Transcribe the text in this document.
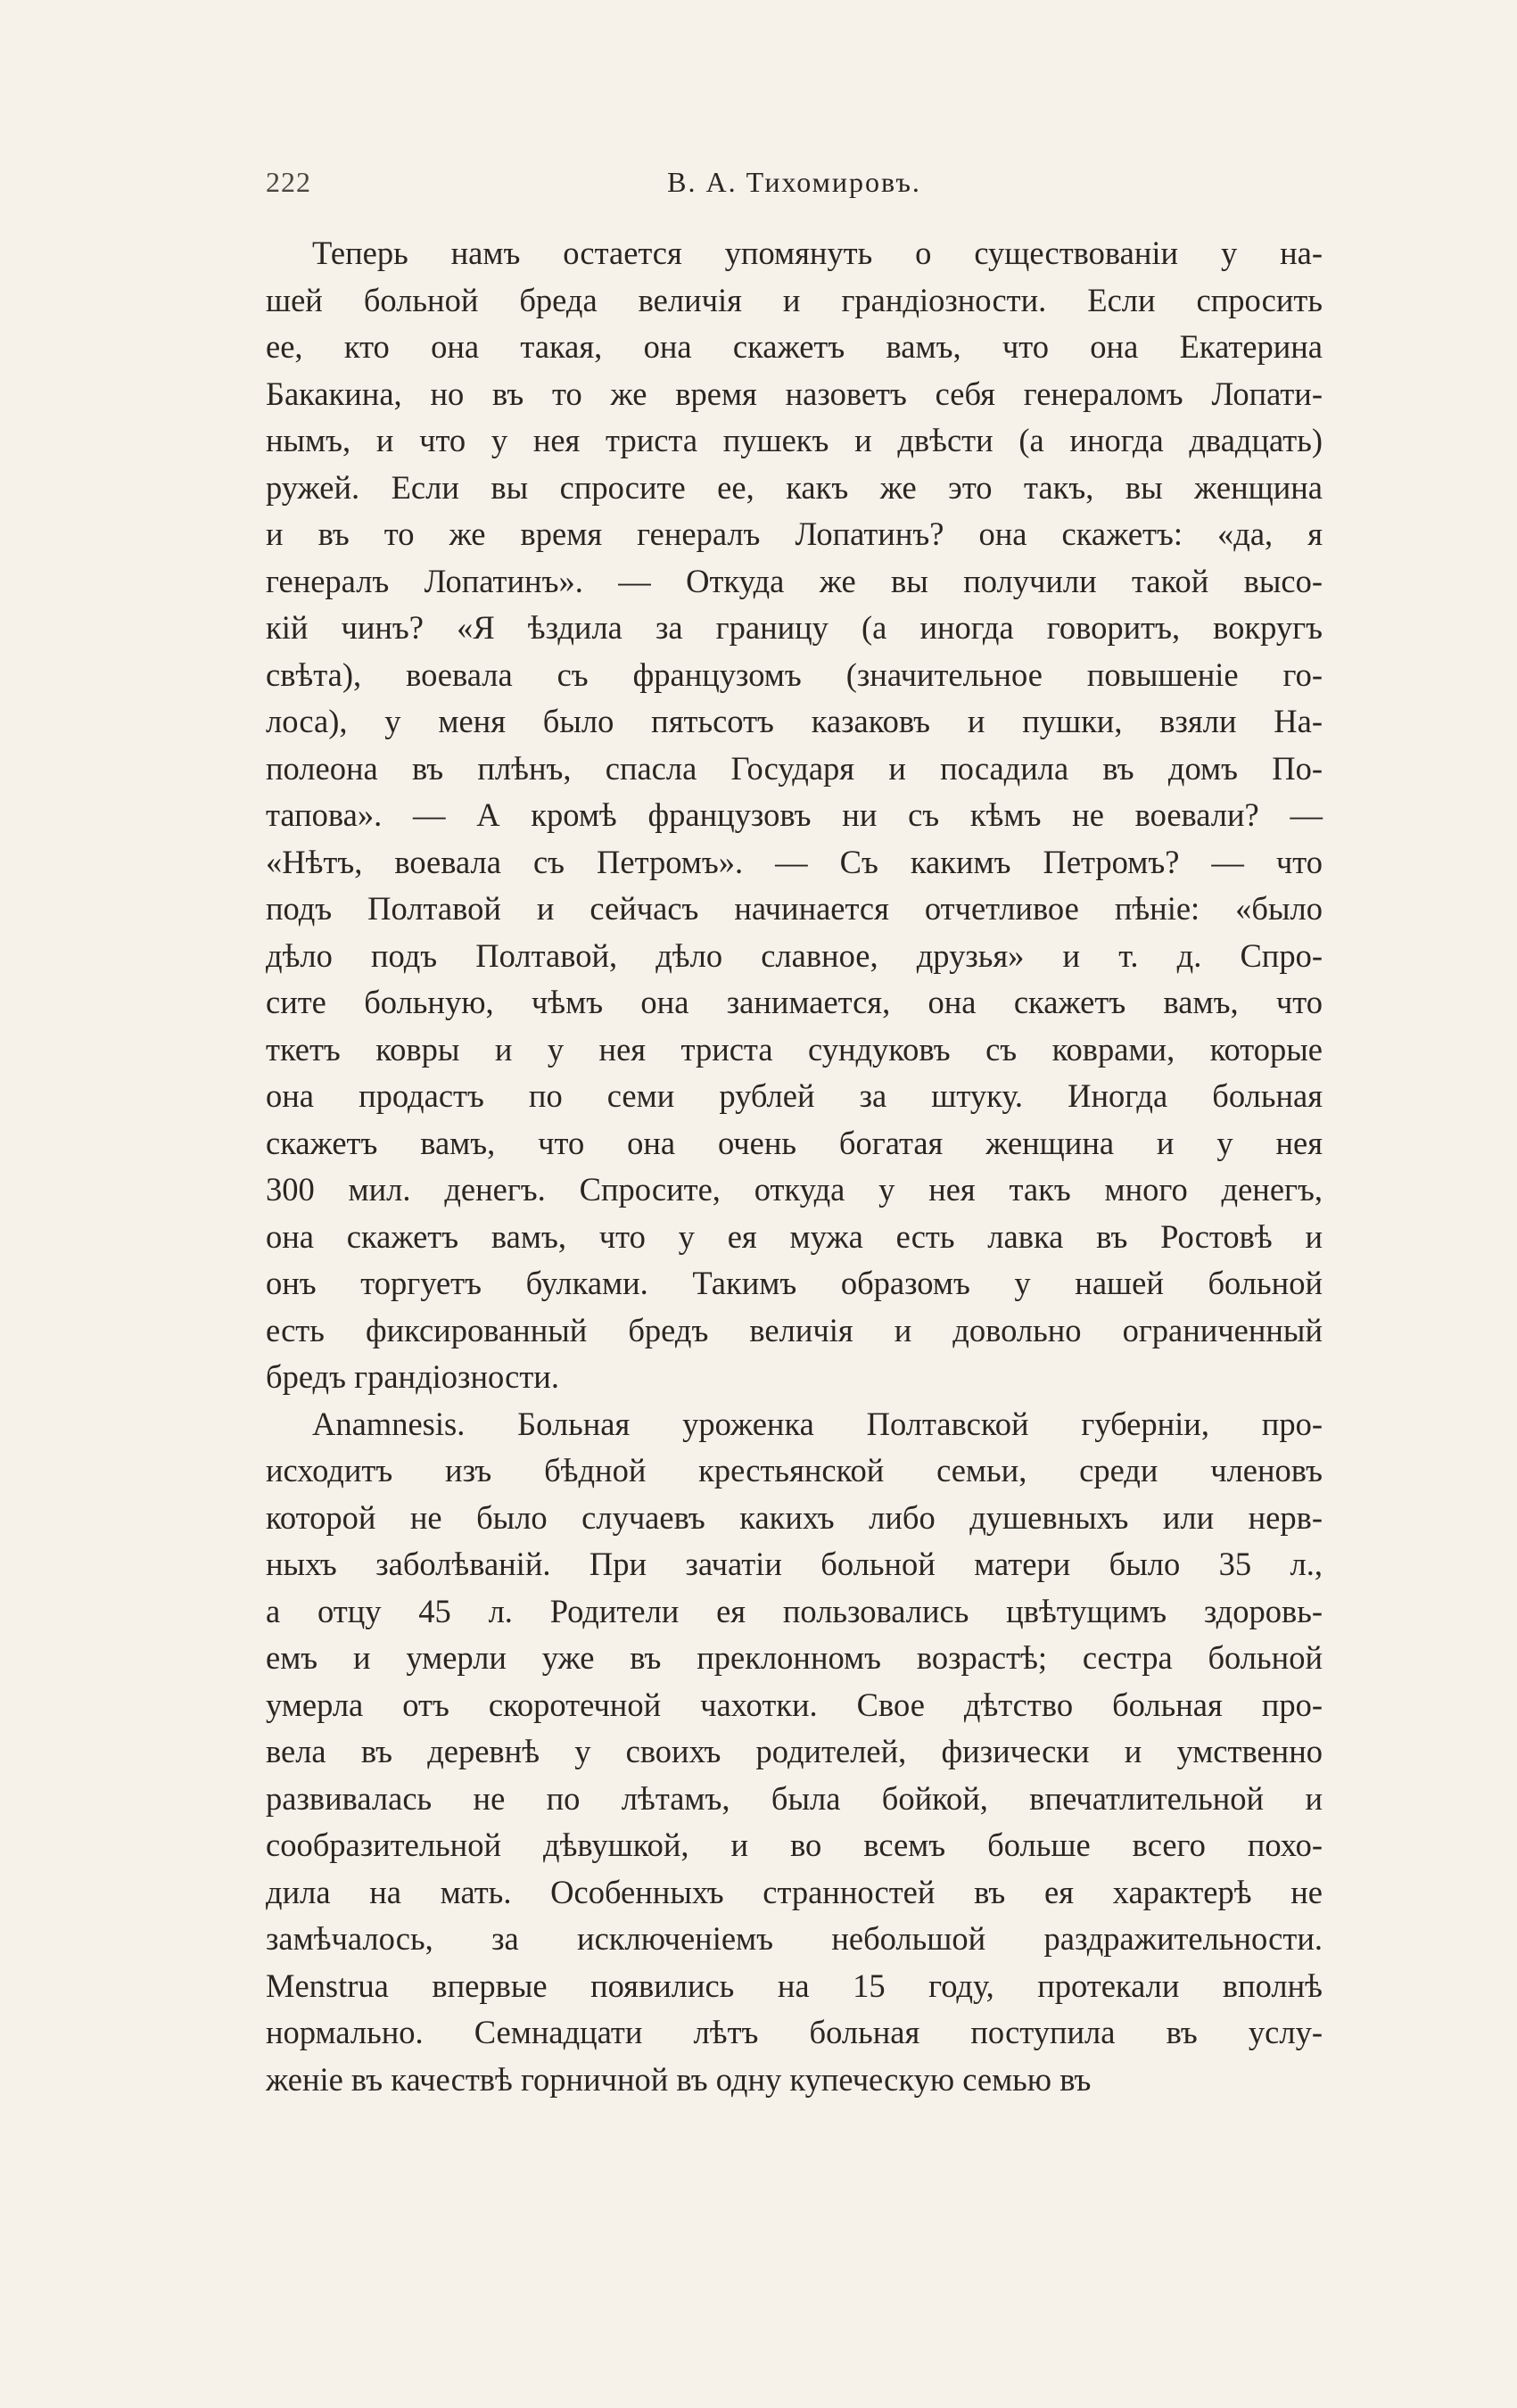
222	В. А. Тихомировъ.
Теперь намъ остается упомянуть о существованіи у на-
шей больной бреда величія и грандіозности. Если спросить
ее, кто она такая, она скажетъ вамъ, что она Екатерина
Бакакина, но въ то же время назоветъ себя генераломъ Лопати-
нымъ, и что у нея триста пушекъ и двѣсти (а иногда двадцать)
ружей. Если вы спросите ее, какъ же это такъ, вы женщина
и въ то же время генералъ Лопатинъ? она скажетъ: «да, я
генералъ Лопатинъ». — Откуда же вы получили такой высо-
кій чинъ? «Я ѣздила за границу (а иногда говоритъ, вокругъ
свѣта), воевала съ французомъ (значительное повышеніе го-
лоса), у меня было пятьсотъ казаковъ и пушки, взяли На-
полеона въ плѣнъ, спасла Государя и посадила въ домъ По-
тапова». — А кромѣ французовъ ни съ кѣмъ не воевали? —
«Нѣтъ, воевала съ Петромъ». — Съ какимъ Петромъ? — что
подъ Полтавой и сейчасъ начинается отчетливое пѣніе: «было
дѣло подъ Полтавой, дѣло славное, друзья» и т. д. Спро-
сите больную, чѣмъ она занимается, она скажетъ вамъ, что
ткетъ ковры и у нея триста сундуковъ съ коврами, которые
она продастъ по семи рублей за штуку. Иногда больная
скажетъ вамъ, что она очень богатая женщина и у нея
300 мил. денегъ. Спросите, откуда у нея такъ много денегъ,
она скажетъ вамъ, что у ея мужа есть лавка въ Ростовѣ и
онъ торгуетъ булками. Такимъ образомъ у нашей больной
есть фиксированный бредъ величія и довольно ограниченный
бредъ грандіозности.
Anamnesis. Больная уроженка Полтавской губерніи, про-
исходитъ изъ бѣдной крестьянской семьи, среди членовъ
которой не было случаевъ какихъ либо душевныхъ или нерв-
ныхъ заболѣваній. При зачатіи больной матери было 35 л.,
а отцу 45 л. Родители ея пользовались цвѣтущимъ здоровь-
емъ и умерли уже въ преклонномъ возрастѣ; сестра больной
умерла отъ скоротечной чахотки. Свое дѣтство больная про-
вела въ деревнѣ у своихъ родителей, физически и умственно
развивалась не по лѣтамъ, была бойкой, впечатлительной и
сообразительной дѣвушкой, и во всемъ больше всего похо-
дила на мать. Особенныхъ странностей въ ея характерѣ не
замѣчалось, за исключеніемъ небольшой раздражительности.
Menstrua впервые появились на 15 году, протекали вполнѣ
нормально. Семнадцати лѣтъ больная поступила въ услу-
женіе въ качествѣ горничной въ одну купеческую семью въ
